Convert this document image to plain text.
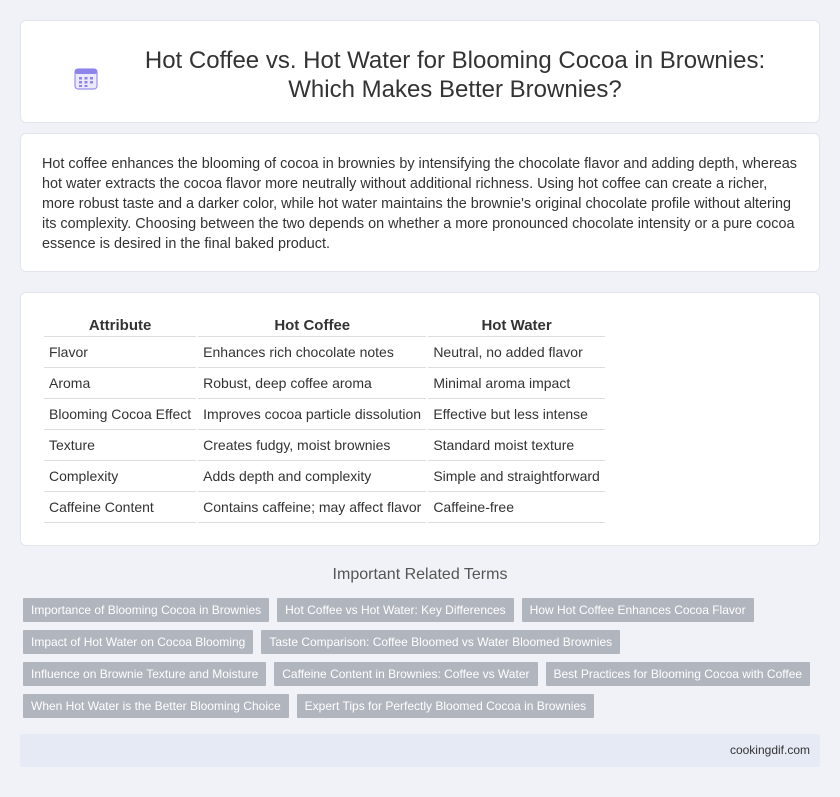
Hot Coffee vs. Hot Water for Blooming Cocoa in Brownies: Which Makes Better Brownies?

Hot coffee enhances the blooming of cocoa in brownies by intensifying the chocolate flavor and adding depth, whereas hot water extracts the cocoa flavor more neutrally without additional richness. Using hot coffee can create a richer, more robust taste and a darker color, while hot water maintains the brownie's original chocolate profile without altering its complexity. Choosing between the two depends on whether a more pronounced chocolate intensity or a pure cocoa essence is desired in the final baked product.

Attribute	Hot Coffee	Hot Water
Flavor	Enhances rich chocolate notes	Neutral, no added flavor
Aroma	Robust, deep coffee aroma	Minimal aroma impact
Blooming Cocoa Effect	Improves cocoa particle dissolution	Effective but less intense
Texture	Creates fudgy, moist brownies	Standard moist texture
Complexity	Adds depth and complexity	Simple and straightforward
Caffeine Content	Contains caffeine; may affect flavor	Caffeine-free
Important Related Terms
Importance of Blooming Cocoa in Brownies	Hot Coffee vs Hot Water: Key Differences	How Hot Coffee Enhances Cocoa Flavor
Impact of Hot Water on Cocoa Blooming	Taste Comparison: Coffee Bloomed vs Water Bloomed Brownies
Influence on Brownie Texture and Moisture	Caffeine Content in Brownies: Coffee vs Water	Best Practices for Blooming Cocoa with Coffee
When Hot Water is the Better Blooming Choice	Expert Tips for Perfectly Bloomed Cocoa in Brownies
cookingdif.com
